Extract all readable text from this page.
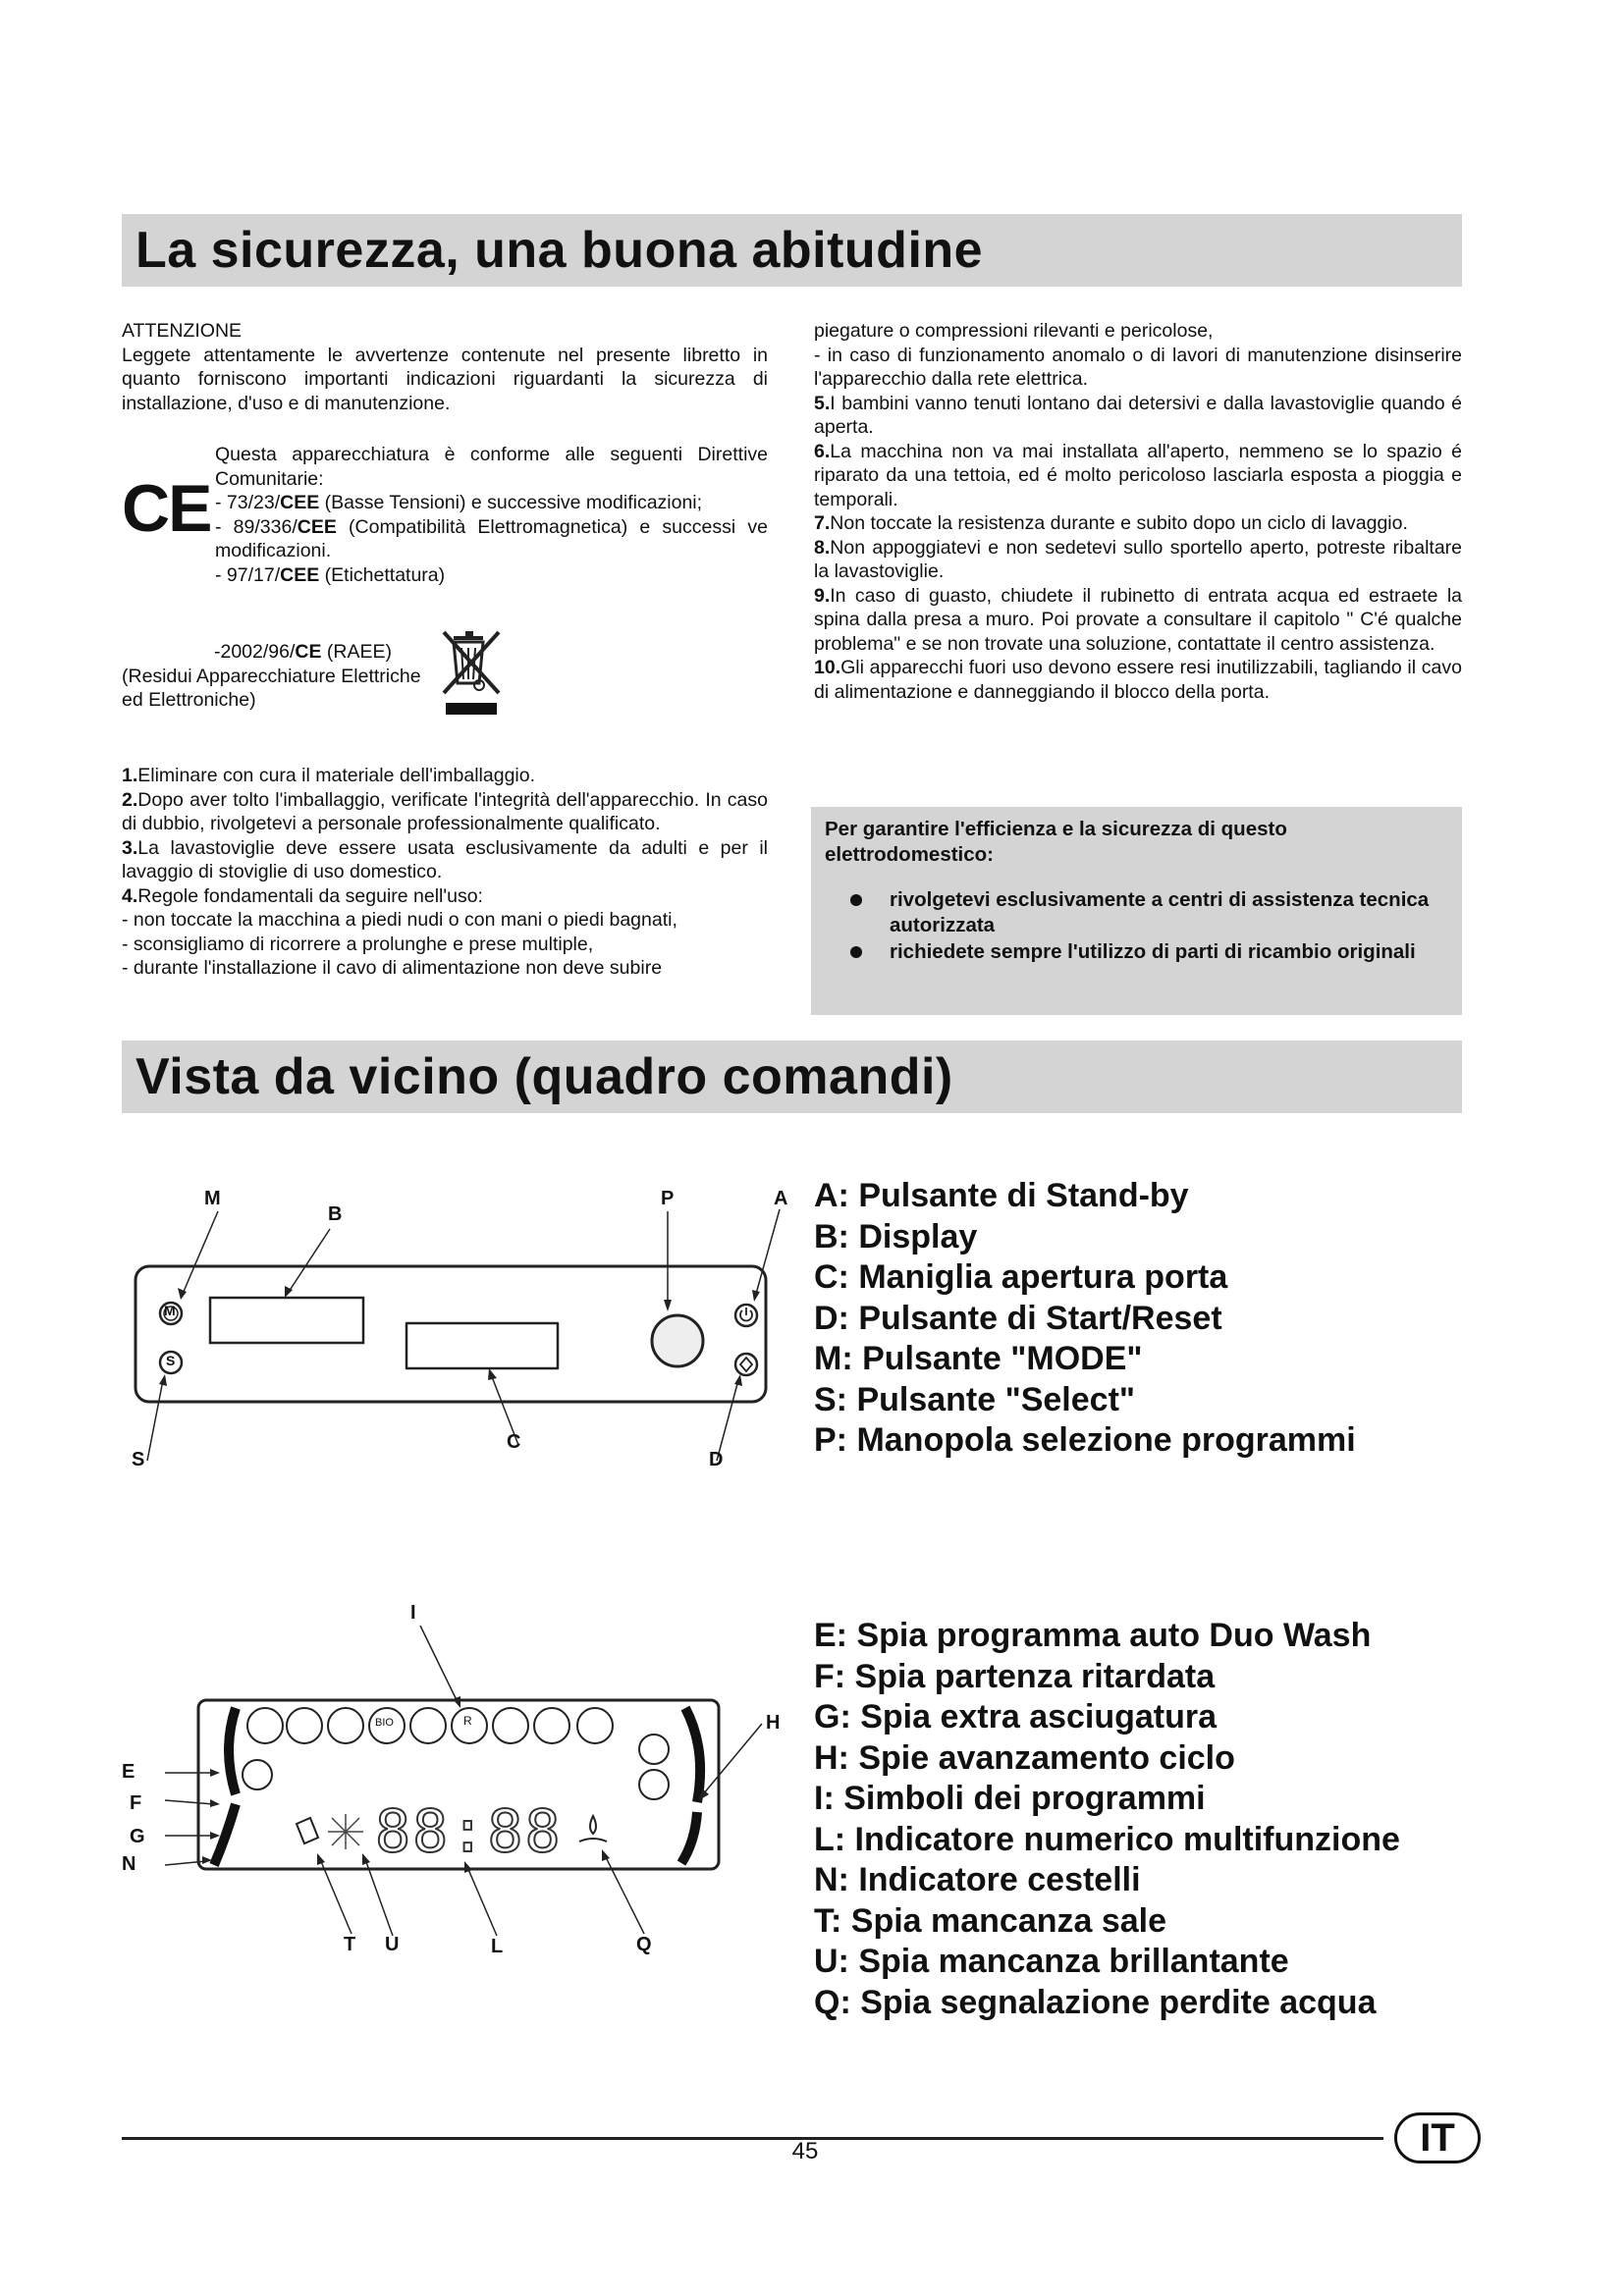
La sicurezza, una buona abitudine

ATTENZIONE

Leggete attentamente le avvertenze contenute nel presente libretto in quanto forniscono importanti indicazioni riguardanti la sicurezza di installazione, d'uso e di manutenzione.

CE

Questa apparecchiatura è conforme alle seguenti Direttive Comunitarie:

- 73/23/CEE (Basse Tensioni) e successive modificazioni;

- 89/336/CEE (Compatibilità Elettromagnetica) e successi ve modificazioni.

- 97/17/CEE (Etichettatura)

-2002/96/CE (RAEE)

(Residui Apparecchiature Elettriche ed Elettroniche)

1.Eliminare con cura il materiale dell'imballaggio.

2.Dopo aver tolto l'imballaggio, verificate l'integrità dell'apparecchio. In caso di dubbio, rivolgetevi a personale professionalmente qualificato.

3.La lavastoviglie deve essere usata esclusivamente da adulti e per il lavaggio di stoviglie di uso domestico.

4.Regole fondamentali da seguire nell'uso:

- non toccate la macchina a piedi nudi o con mani o piedi bagnati,

- sconsigliamo di ricorrere a prolunghe e prese multiple,

- durante l'installazione il cavo di alimentazione non deve subire

piegature o compressioni rilevanti e pericolose,

- in caso di funzionamento anomalo o di lavori di manutenzione disinserire l'apparecchio dalla rete elettrica.

5.I bambini vanno tenuti lontano dai detersivi e dalla lavastoviglie quando é aperta.

6.La macchina non va mai installata all'aperto, nemmeno se lo spazio é riparato da una tettoia, ed é molto pericoloso lasciarla esposta a pioggia e temporali.

7.Non toccate la resistenza durante e subito dopo un ciclo di lavaggio.

8.Non appoggiatevi e non sedetevi sullo sportello aperto, potreste ribaltare la lavastoviglie.

9.In caso di guasto, chiudete il rubinetto di entrata acqua ed estraete la spina dalla presa a muro. Poi provate a consultare il capitolo " C'é qualche problema" e se non trovate una soluzione, contattate il centro assistenza.

10.Gli apparecchi fuori uso devono essere resi inutilizzabili, tagliando il cavo di alimentazione e danneggiando il blocco della porta.

Per garantire l'efficienza e la sicurezza di questo elettrodomestico:
rivolgetevi esclusivamente a centri di assistenza tecnica autorizzata
richiedete sempre l'utilizzo di parti di ricambio originali
Vista da vicino (quadro comandi)
M
B
P	A
S
C
D
M
S
A: Pulsante di Stand-by
B: Display
C: Maniglia apertura porta
D: Pulsante di Start/Reset
M: Pulsante "MODE"
S: Pulsante "Select"
P: Manopola selezione programmi
88:88
BIO	R
I
E
F
G
N
H
T U	L	Q
E: Spia programma auto Duo Wash
F: Spia partenza ritardata
G: Spia extra asciugatura
H: Spie avanzamento ciclo
I: Simboli dei programmi
L: Indicatore numerico multifunzione
N: Indicatore cestelli
T: Spia mancanza sale
U: Spia mancanza brillantante
Q: Spia segnalazione perdite acqua
45	IT
